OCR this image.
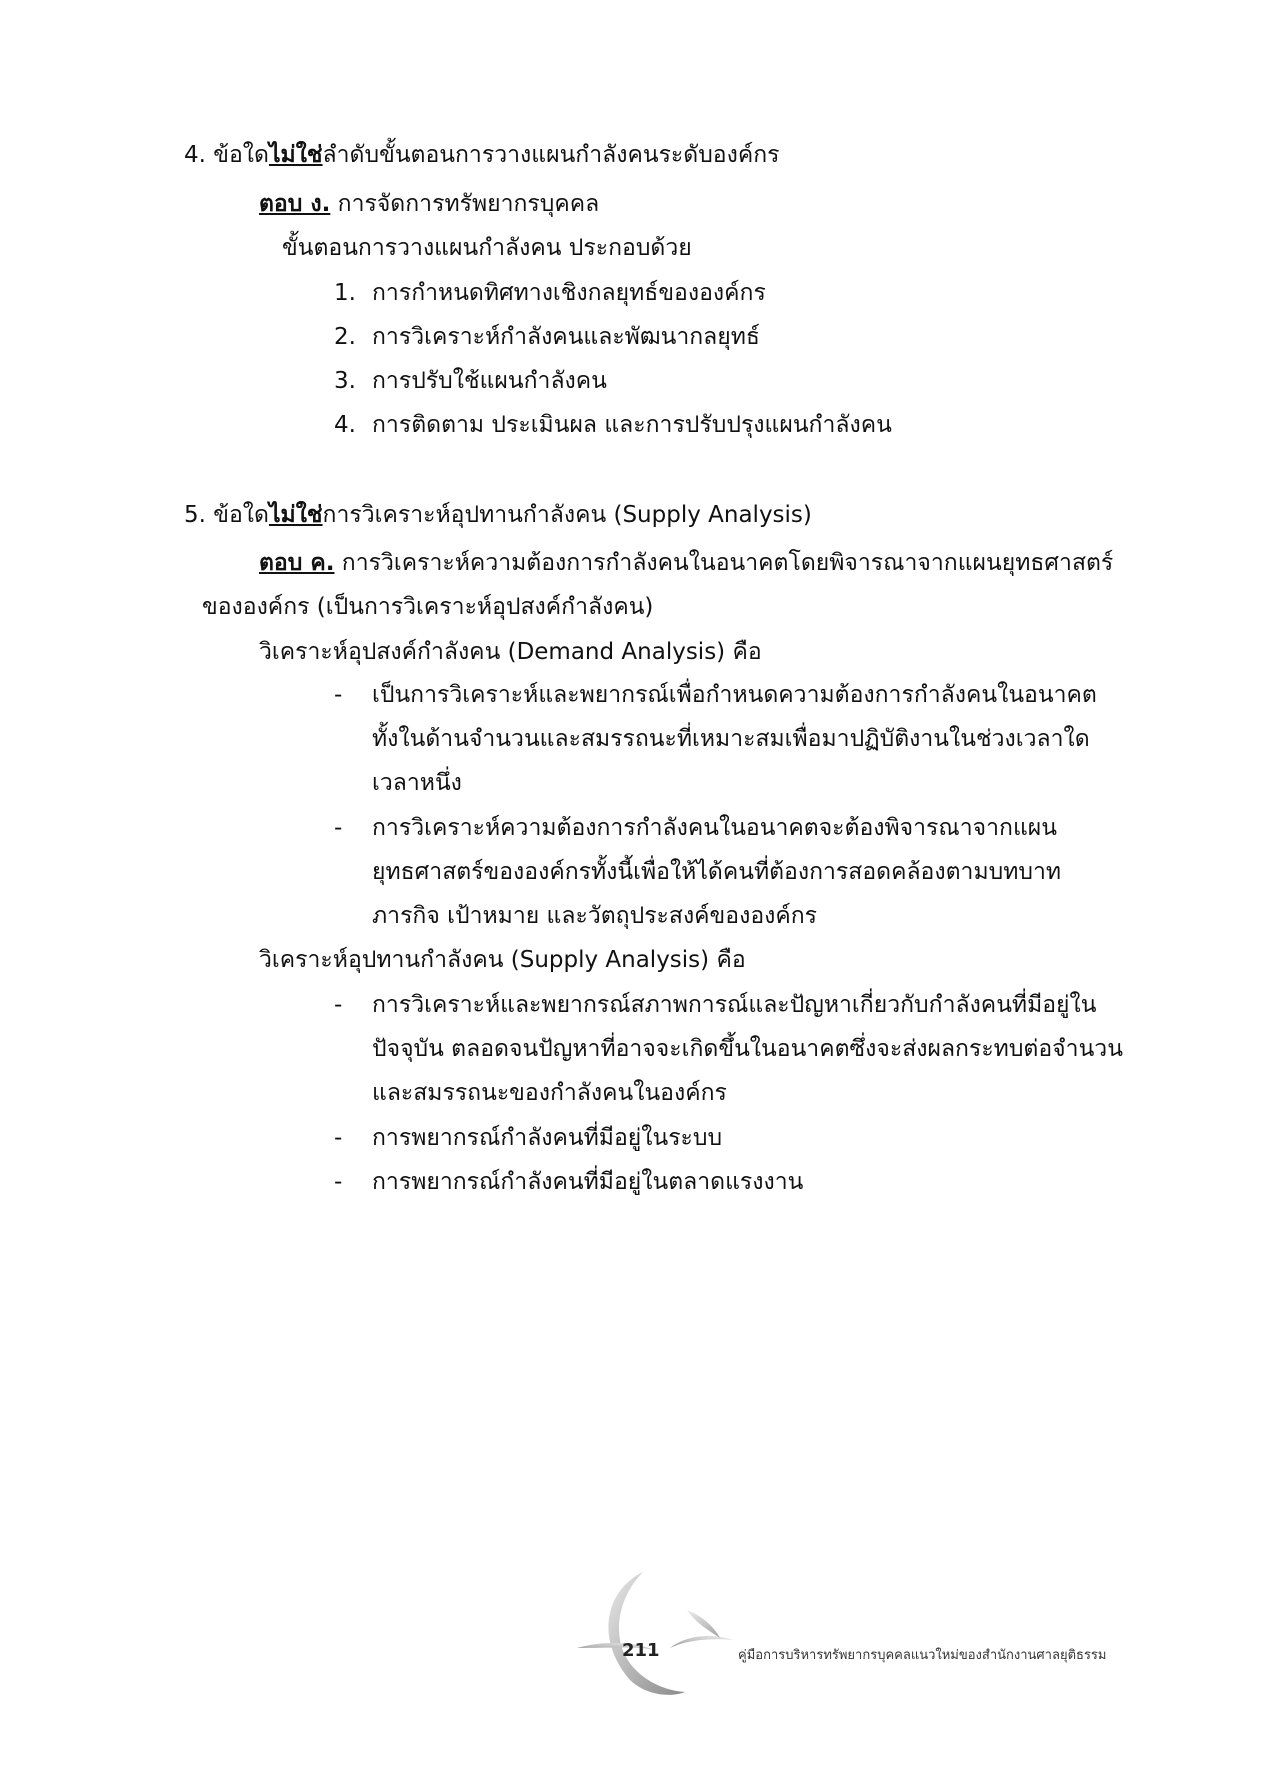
4. ข้อใดไม่ใช่ลำดับขั้นตอนการวางแผนกำลังคนระดับองค์กร
ตอบ ง. การจัดการทรัพยากรบุคคล
ขั้นตอนการวางแผนกำลังคน ประกอบด้วย
1. การกำหนดทิศทางเชิงกลยุทธ์ขององค์กร
2. การวิเคราะห์กำลังคนและพัฒนากลยุทธ์
3. การปรับใช้แผนกำลังคน
4. การติดตาม ประเมินผล และการปรับปรุงแผนกำลังคน
5. ข้อใดไม่ใช่การวิเคราะห์อุปทานกำลังคน (Supply Analysis)
ตอบ ค. การวิเคราะห์ความต้องการกำลังคนในอนาคตโดยพิจารณาจากแผนยุทธศาสตร์
ขององค์กร (เป็นการวิเคราะห์อุปสงค์กำลังคน)
วิเคราะห์อุปสงค์กำลังคน (Demand Analysis) คือ
- เป็นการวิเคราะห์และพยากรณ์เพื่อกำหนดความต้องการกำลังคนในอนาคต
ทั้งในด้านจำนวนและสมรรถนะที่เหมาะสมเพื่อมาปฏิบัติงานในช่วงเวลาใด
เวลาหนึ่ง
- การวิเคราะห์ความต้องการกำลังคนในอนาคตจะต้องพิจารณาจากแผน
ยุทธศาสตร์ขององค์กรทั้งนี้เพื่อให้ได้คนที่ต้องการสอดคล้องตามบทบาท
ภารกิจ เป้าหมาย และวัตถุประสงค์ขององค์กร
วิเคราะห์อุปทานกำลังคน (Supply Analysis) คือ
- การวิเคราะห์และพยากรณ์สภาพการณ์และปัญหาเกี่ยวกับกำลังคนที่มีอยู่ใน
ปัจจุบัน ตลอดจนปัญหาที่อาจจะเกิดขึ้นในอนาคตซึ่งจะส่งผลกระทบต่อจำนวน
และสมรรถนะของกำลังคนในองค์กร
- การพยากรณ์กำลังคนที่มีอยู่ในระบบ
- การพยากรณ์กำลังคนที่มีอยู่ในตลาดแรงงาน
211	คู่มือการบริหารทรัพยากรบุคคลแนวใหม่ของสำนักงานศาลยุติธรรม
